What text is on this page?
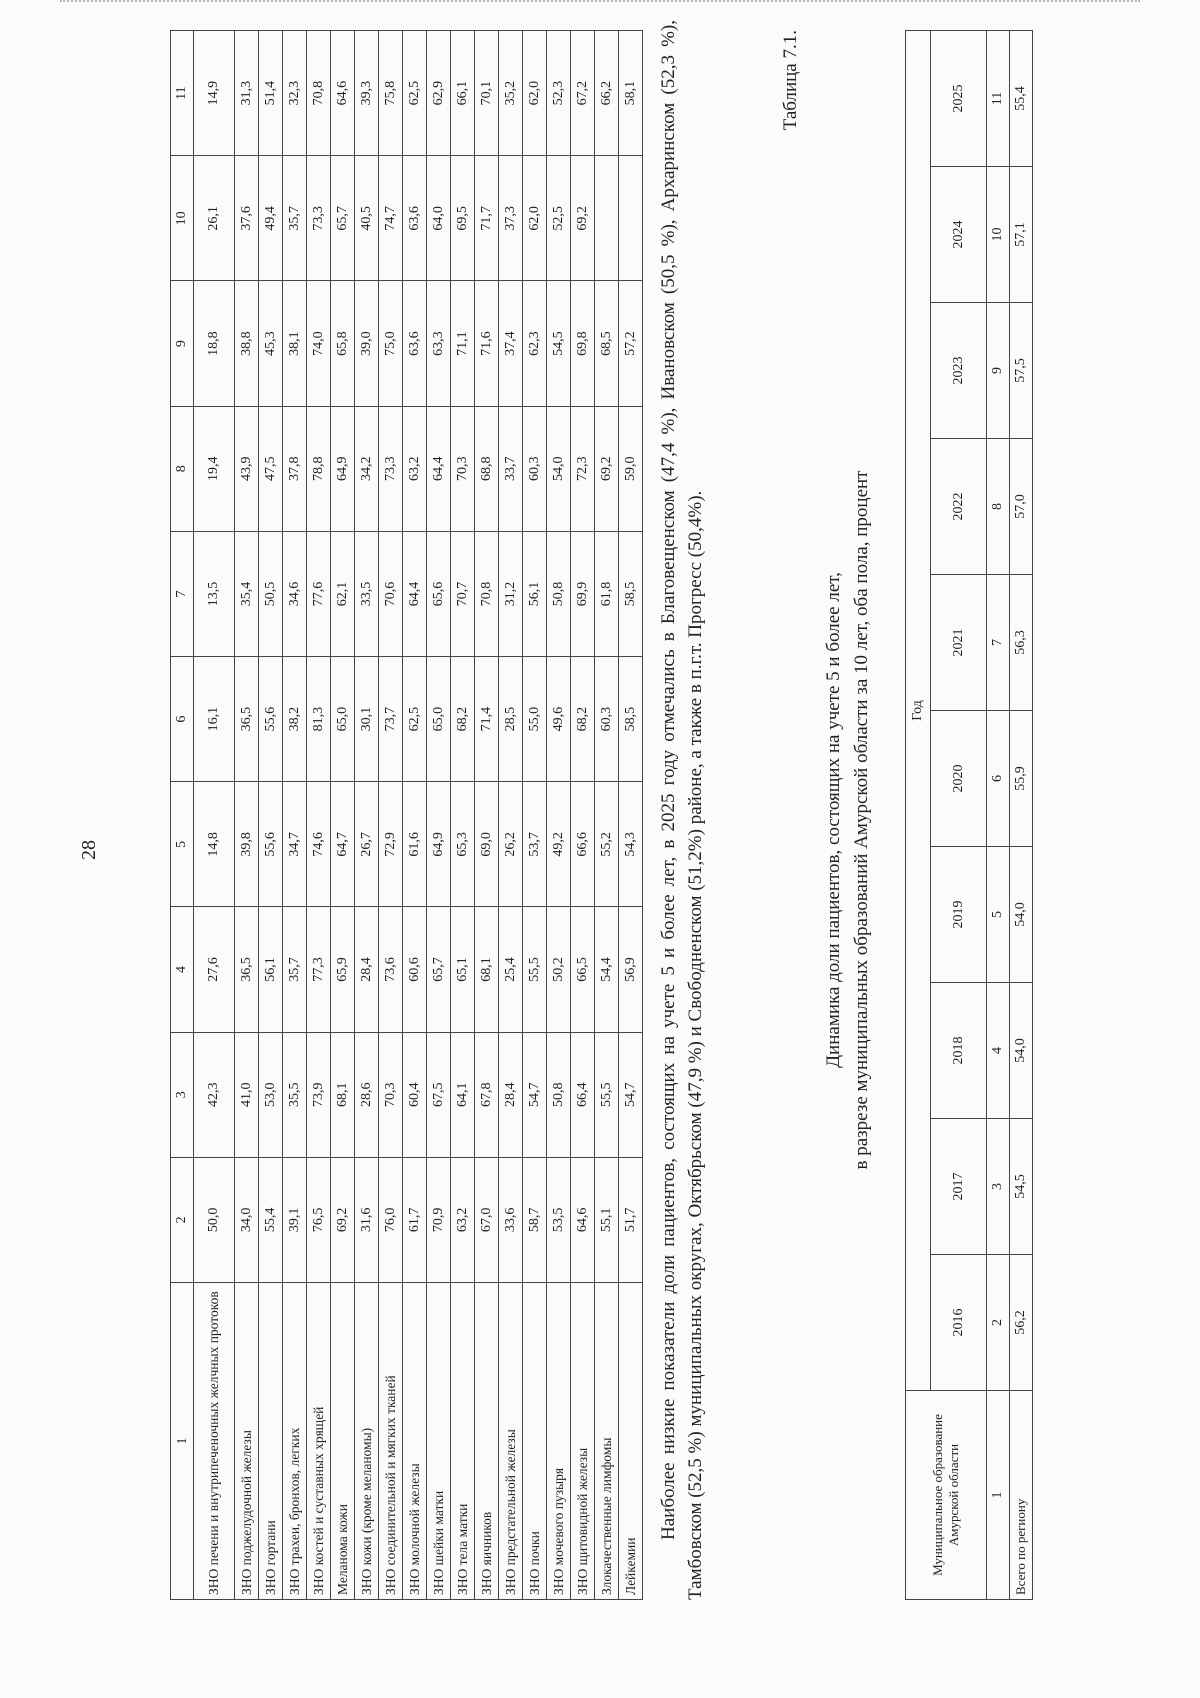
28
1	2	3	4	5	6	7	8	9	10	11
ЗНО печени и внутрипеченочных желчных протоков	50,0	42,3	27,6	14,8	16,1	13,5	19,4	18,8	26,1	14,9
ЗНО поджелудочной железы	34,0	41,0	36,5	39,8	36,5	35,4	43,9	38,8	37,6	31,3
ЗНО гортани	55,4	53,0	56,1	55,6	55,6	50,5	47,5	45,3	49,4	51,4
ЗНО трахеи, бронхов, легких	39,1	35,5	35,7	34,7	38,2	34,6	37,8	38,1	35,7	32,3
ЗНО костей и суставных хрящей	76,5	73,9	77,3	74,6	81,3	77,6	78,8	74,0	73,3	70,8
Меланома кожи	69,2	68,1	65,9	64,7	65,0	62,1	64,9	65,8	65,7	64,6
ЗНО кожи (кроме меланомы)	31,6	28,6	28,4	26,7	30,1	33,5	34,2	39,0	40,5	39,3
ЗНО соединительной и мягких тканей	76,0	70,3	73,6	72,9	73,7	70,6	73,3	75,0	74,7	75,8
ЗНО молочной железы	61,7	60,4	60,6	61,6	62,5	64,4	63,2	63,6	63,6	62,5
ЗНО шейки матки	70,9	67,5	65,7	64,9	65,0	65,6	64,4	63,3	64,0	62,9
ЗНО тела матки	63,2	64,1	65,1	65,3	68,2	70,7	70,3	71,1	69,5	66,1
ЗНО яичников	67,0	67,8	68,1	69,0	71,4	70,8	68,8	71,6	71,7	70,1
ЗНО предстательной железы	33,6	28,4	25,4	26,2	28,5	31,2	33,7	37,4	37,3	35,2
ЗНО почки	58,7	54,7	55,5	53,7	55,0	56,1	60,3	62,3	62,0	62,0
ЗНО мочевого пузыря	53,5	50,8	50,2	49,2	49,6	50,8	54,0	54,5	52,5	52,3
ЗНО щитовидной железы	64,6	66,4	66,5	66,6	68,2	69,9	72,3	69,8	69,2	67,2
Злокачественные лимфомы	55,1	55,5	54,4	55,2	60,3	61,8	69,2	68,5		66,2
Лейкемии	51,7	54,7	56,9	54,3	58,5	58,5	59,0	57,2		58,1 Наиболее низкие показатели доли пациентов, состоящих на учете 5 и более лет, в 2025 году отмечались в Благовещенском (47,4 %), Ивановском (50,5 %), Архаринском (52,3 %), Тамбовском (52,5 %) муниципальных округах, Октябрьском (47,9 %) и Свободненском (51,2%) районе, а также в п.г.т. Прогресс (50,4%).

Таблица 7.1.
Динамика доли пациентов, состоящих на учете 5 и более лет, в разрезе муниципальных образований Амурской области за 10 лет, оба пола, процент
Муниципальное образование Амурской области	Год									
	2016	2017	2018	2019	2020	2021	2022	2023	2024	2025
1	2	3	4	5	6	7	8	9	10	11
Всего по региону	56,2	54,5	54,0	54,0	55,9	56,3	57,0	57,5	57,1	55,4
